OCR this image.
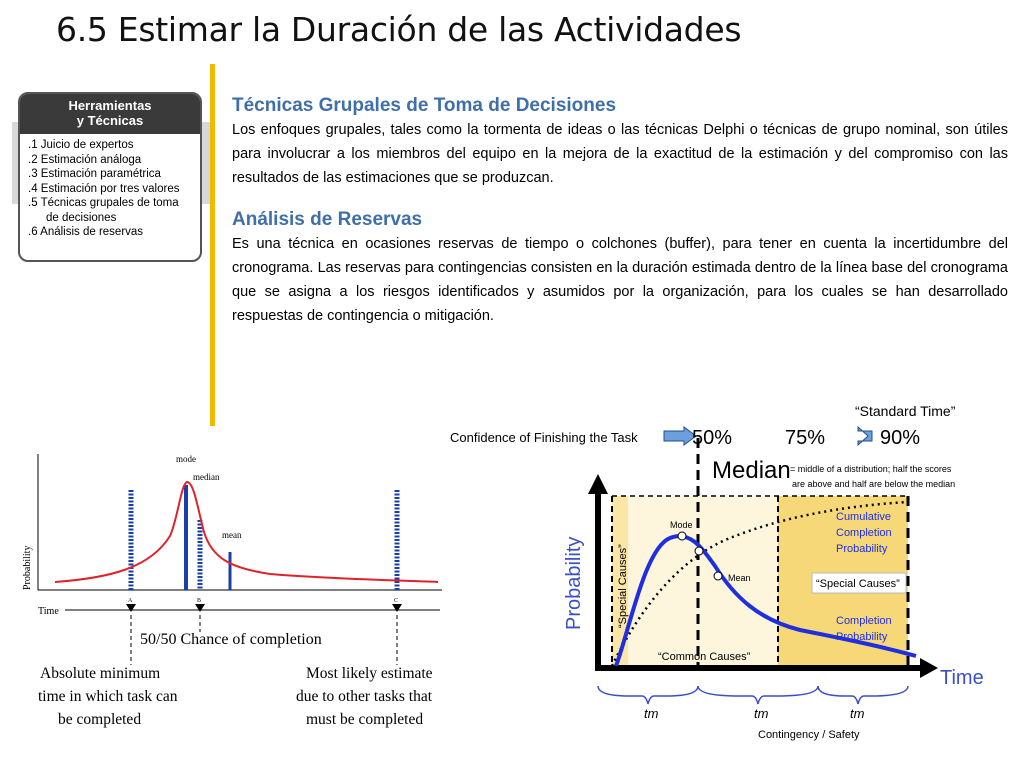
6.5 Estimar la Duración de las Actividades
Herramientas
y Técnicas
.1 Juicio de expertos
.2 Estimación análoga
.3 Estimación paramétrica
.4 Estimación por tres valores
.5 Técnicas grupales de toma
de decisiones
.6 Análisis de reservas
Técnicas Grupales de Toma de Decisiones

Los enfoques grupales, tales como la tormenta de ideas o las técnicas Delphi o técnicas de grupo nominal, son útiles para involucrar a los miembros del equipo en la mejora de la exactitud de la estimación y del compromiso con las resultados de las estimaciones que se produzcan.

Análisis de Reservas

Es una técnica en ocasiones reservas de tiempo o colchones (buffer), para tener en cuenta la incertidumbre del cronograma. Las reservas para contingencias consisten en la duración estimada dentro de la línea base del cronograma que se asigna a los riesgos identificados y asumidos por la organización, para los cuales se han desarrollado respuestas de contingencia o mitigación.

Probability
Time
mode
median
mean
A	B	C
50/50 Chance of completion
Absolute minimum
time in which task can
be completed
Most likely estimate
due to other tasks that
must be completed
“Standard Time”
Confidence of Finishing the Task	50%	75%	90%
Median = middle of a distribution; half the scores
are above and half are below the median
Probability
Time
Mode
Mean
“Special Causes”	“Special Causes”
“Common Causes”
Cumulative
Completion
Probability
Completion
Probability
tm	tm	tm
Contingency / Safety
